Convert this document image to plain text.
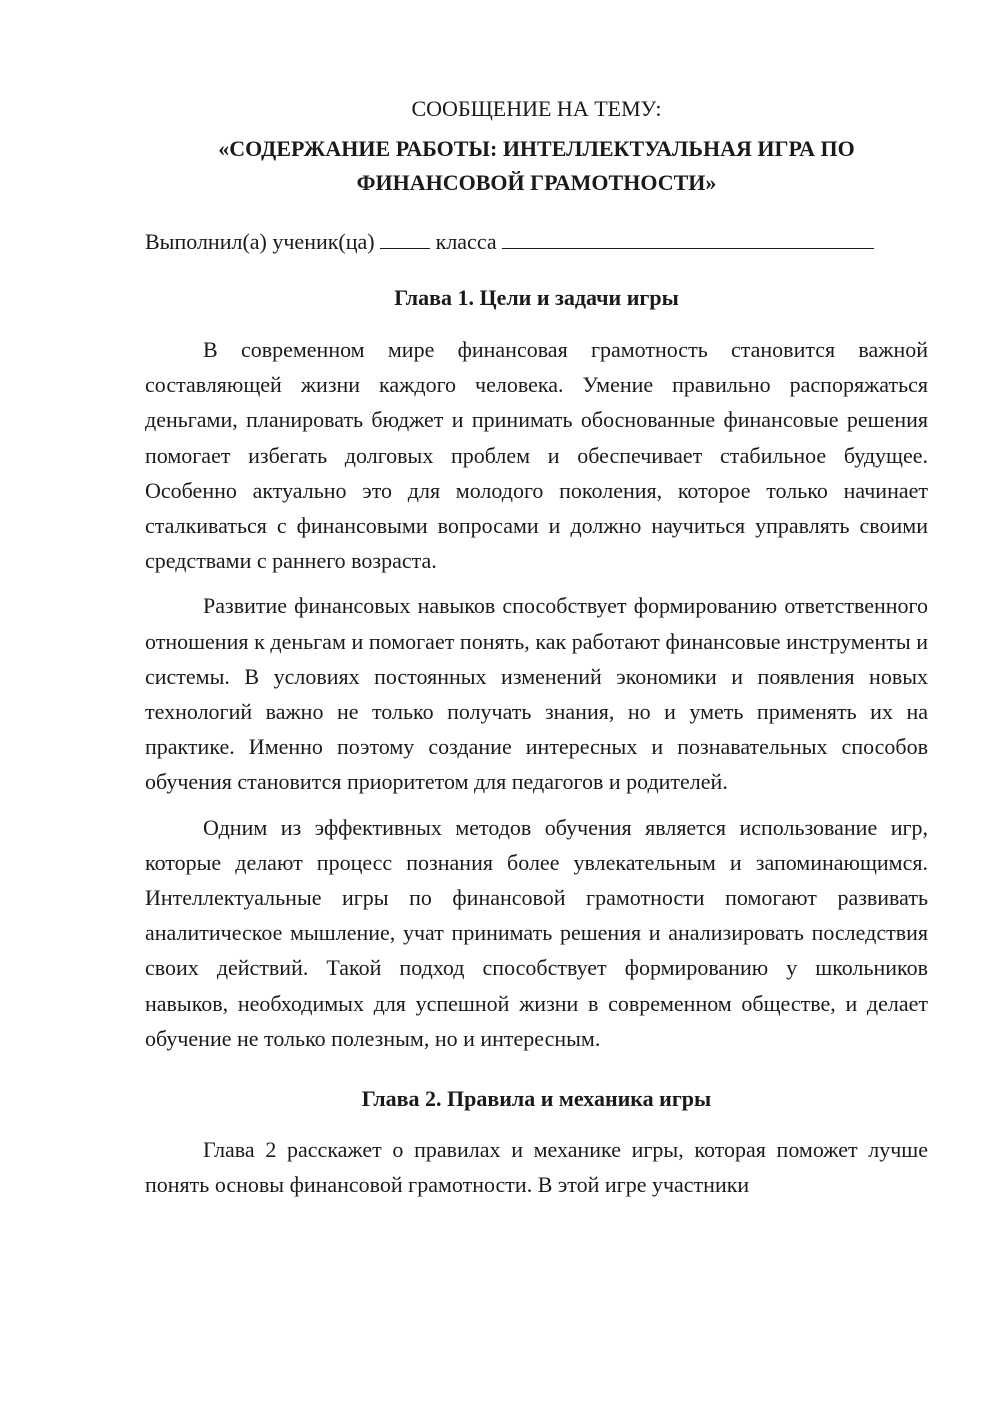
СООБЩЕНИЕ НА ТЕМУ:

«СОДЕРЖАНИЕ РАБОТЫ: ИНТЕЛЛЕКТУАЛЬНАЯ ИГРА ПО

ФИНАНСОВОЙ ГРАМОТНОСТИ»

Выполнил(а) ученик(ца)	класса
Глава 1. Цели и задачи игры

В современном мире финансовая грамотность становится важной составляющей жизни каждого человека. Умение правильно распоряжаться деньгами, планировать бюджет и принимать обоснованные финансовые решения помогает избегать долговых проблем и обеспечивает стабильное будущее. Особенно актуально это для молодого поколения, которое только начинает сталкиваться с финансовыми вопросами и должно научиться управлять своими средствами с раннего возраста.

Развитие финансовых навыков способствует формированию ответственного отношения к деньгам и помогает понять, как работают финансовые инструменты и системы. В условиях постоянных изменений экономики и появления новых технологий важно не только получать знания, но и уметь применять их на практике. Именно поэтому создание интересных и познавательных способов обучения становится приоритетом для педагогов и родителей.

Одним из эффективных методов обучения является использование игр, которые делают процесс познания более увлекательным и запоминающимся. Интеллектуальные игры по финансовой грамотности помогают развивать аналитическое мышление, учат принимать решения и анализировать последствия своих действий. Такой подход способствует формированию у школьников навыков, необходимых для успешной жизни в современном обществе, и делает обучение не только полезным, но и интересным.

Глава 2. Правила и механика игры

Глава 2 расскажет о правилах и механике игры, которая поможет лучше понять основы финансовой грамотности. В этой игре участники
